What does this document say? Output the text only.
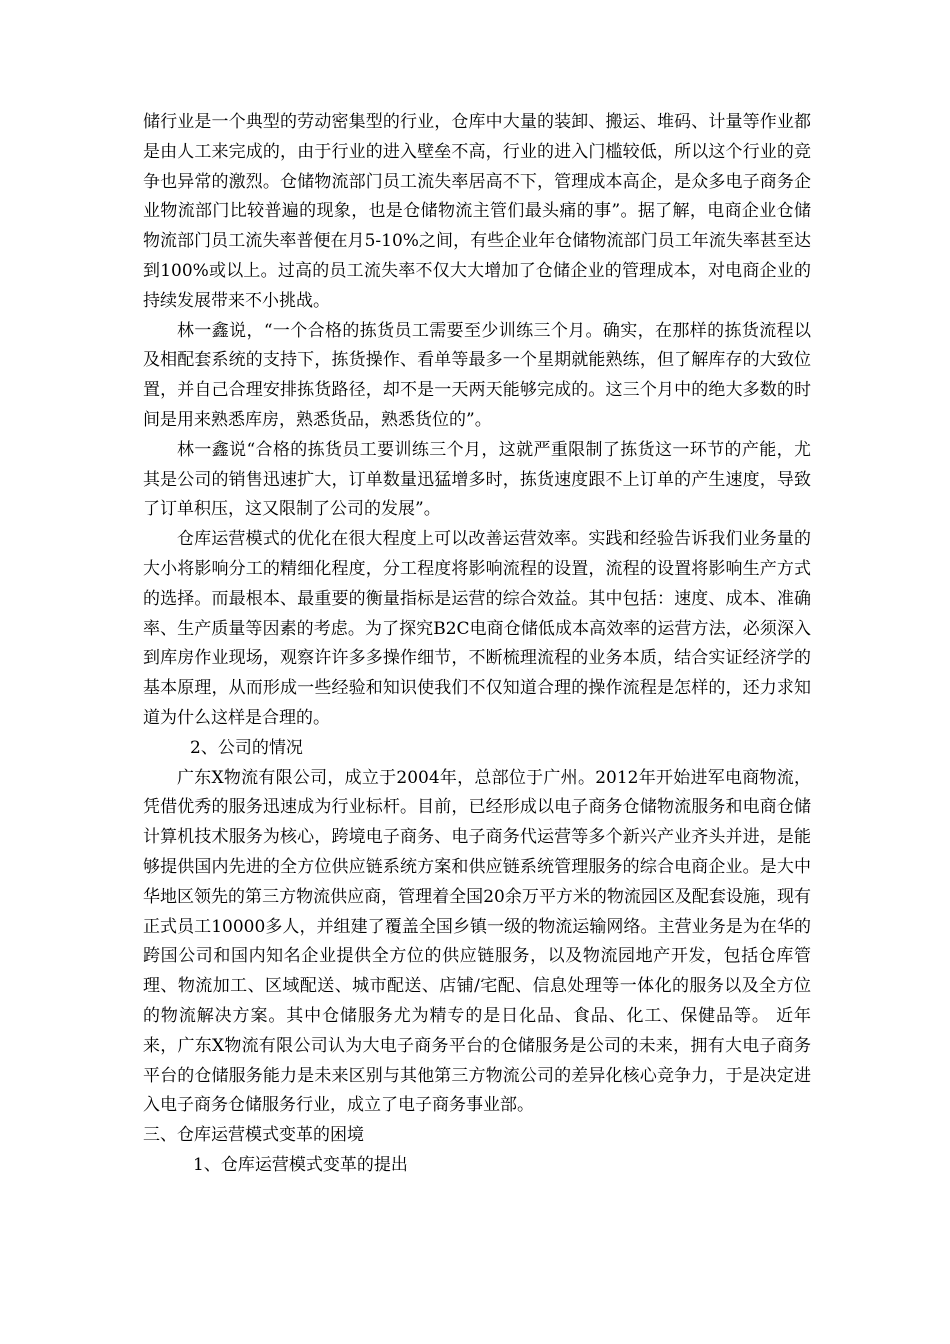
储行业是一个典型的劳动密集型的行业，仓库中大量的装卸、搬运、堆码、计量等作业都是由人工来完成的，由于行业的进入壁垒不高，行业的进入门槛较低，所以这个行业的竞争也异常的激烈。仓储物流部门员工流失率居高不下，管理成本高企，是众多电子商务企业物流部门比较普遍的现象，也是仓储物流主管们最头痛的事”。据了解，电商企业仓储物流部门员工流失率普便在月5-10%之间，有些企业年仓储物流部门员工年流失率甚至达到100%或以上。过高的员工流失率不仅大大增加了仓储企业的管理成本，对电商企业的持续发展带来不小挑战。

林一鑫说，“一个合格的拣货员工需要至少训练三个月。确实，在那样的拣货流程以及相配套系统的支持下，拣货操作、看单等最多一个星期就能熟练，但了解库存的大致位置，并自己合理安排拣货路径，却不是一天两天能够完成的。这三个月中的绝大多数的时间是用来熟悉库房，熟悉货品，熟悉货位的”。

林一鑫说“合格的拣货员工要训练三个月，这就严重限制了拣货这一环节的产能，尤其是公司的销售迅速扩大，订单数量迅猛增多时，拣货速度跟不上订单的产生速度，导致了订单积压，这又限制了公司的发展”。

仓库运营模式的优化在很大程度上可以改善运营效率。实践和经验告诉我们业务量的大小将影响分工的精细化程度，分工程度将影响流程的设置，流程的设置将影响生产方式的选择。而最根本、最重要的衡量指标是运营的综合效益。其中包括：速度、成本、准确率、生产质量等因素的考虑。为了探究B2C电商仓储低成本高效率的运营方法，必须深入到库房作业现场，观察许许多多操作细节，不断梳理流程的业务本质，结合实证经济学的基本原理，从而形成一些经验和知识使我们不仅知道合理的操作流程是怎样的，还力求知道为什么这样是合理的。

2、公司的情况

广东X物流有限公司，成立于2004年，总部位于广州。2012年开始进军电商物流，凭借优秀的服务迅速成为行业标杆。目前，已经形成以电子商务仓储物流服务和电商仓储计算机技术服务为核心，跨境电子商务、电子商务代运营等多个新兴产业齐头并进，是能够提供国内先进的全方位供应链系统方案和供应链系统管理服务的综合电商企业。是大中华地区领先的第三方物流供应商，管理着全国20余万平方米的物流园区及配套设施，现有正式员工10000多人，并组建了覆盖全国乡镇一级的物流运输网络。主营业务是为在华的跨国公司和国内知名企业提供全方位的供应链服务，以及物流园地产开发，包括仓库管理、物流加工、区域配送、城市配送、店铺/宅配、信息处理等一体化的服务以及全方位的物流解决方案。其中仓储服务尤为精专的是日化品、食品、化工、保健品等。 近年来，广东X物流有限公司认为大电子商务平台的仓储服务是公司的未来，拥有大电子商务平台的仓储服务能力是未来区别与其他第三方物流公司的差异化核心竞争力，于是决定进入电子商务仓储服务行业，成立了电子商务事业部。

三、仓库运营模式变革的困境

1、仓库运营模式变革的提出
